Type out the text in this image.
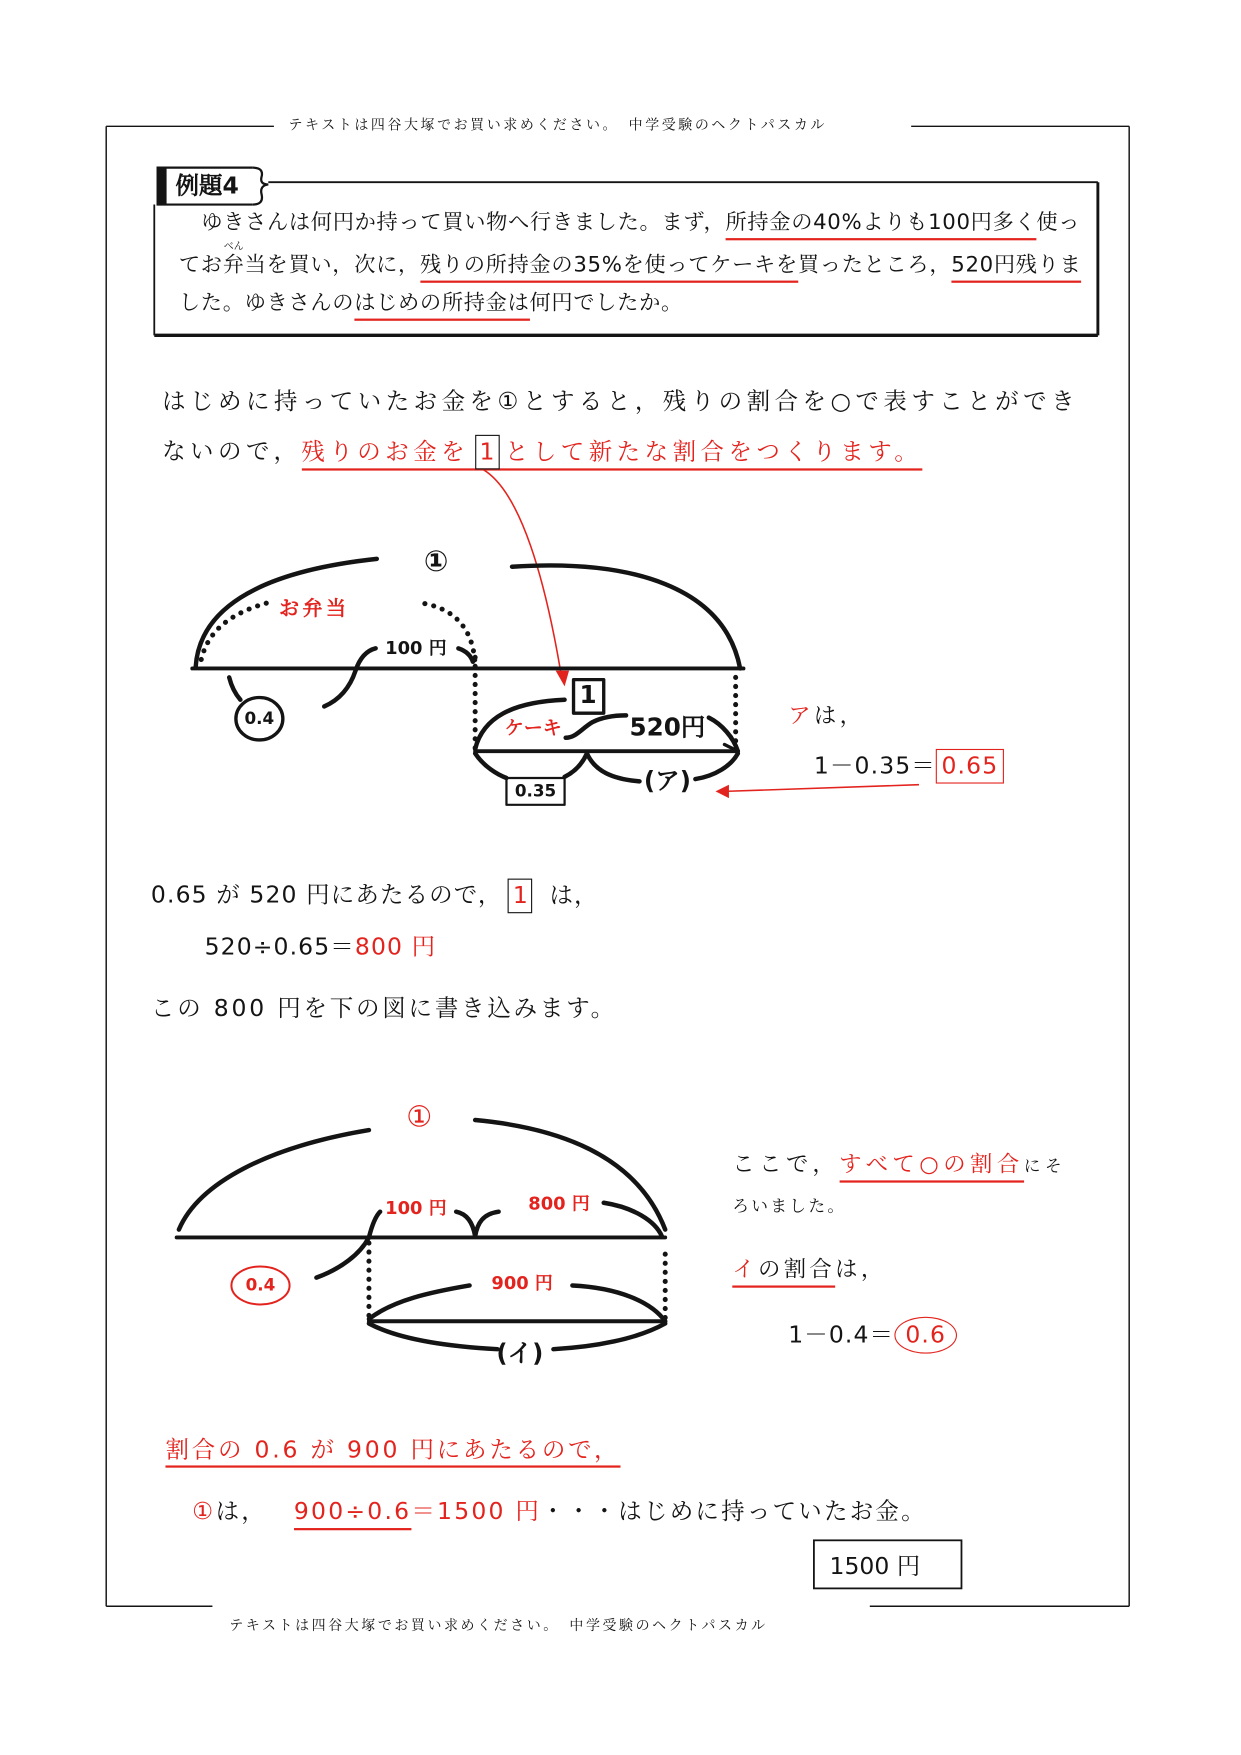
テキストは四谷大塚でお買い求めください。　中学受験のヘクトパスカル
テキストは四谷大塚でお買い求めください。　中学受験のヘクトパスカル
例題4
ゆきさんは何円か持って買い物へ行きました。まず，所持金の40%よりも100円多く使っ
てお弁
べん
当を買い，次に，残りの所持金の35%を使ってケーキを買ったところ，520円残りま
した。ゆきさんのはじめの所持金は何円でしたか。
はじめに持っていたお金を①とすると，残りの割合を○で表すことができ
ないので，残りのお金を 1 として新たな割合をつくります。
①
お弁当
100 円
0.4
1
ケーキ	520円
0.35	(ア)
アは，
1－0.35＝ 0.65
0.65 が 520 円にあたるので， 1 は，
520÷0.65＝800 円
この 800 円を下の図に書き込みます。
①
100 円	800 円
0.4	900 円
(イ)
ここで，すべて○の割合にそ
ろいました。
イの割合は，
1－0.4＝ 0.6
割合の 0.6 が 900 円にあたるので，
①は， 900÷0.6＝1500 円・・・はじめに持っていたお金。
1500 円
